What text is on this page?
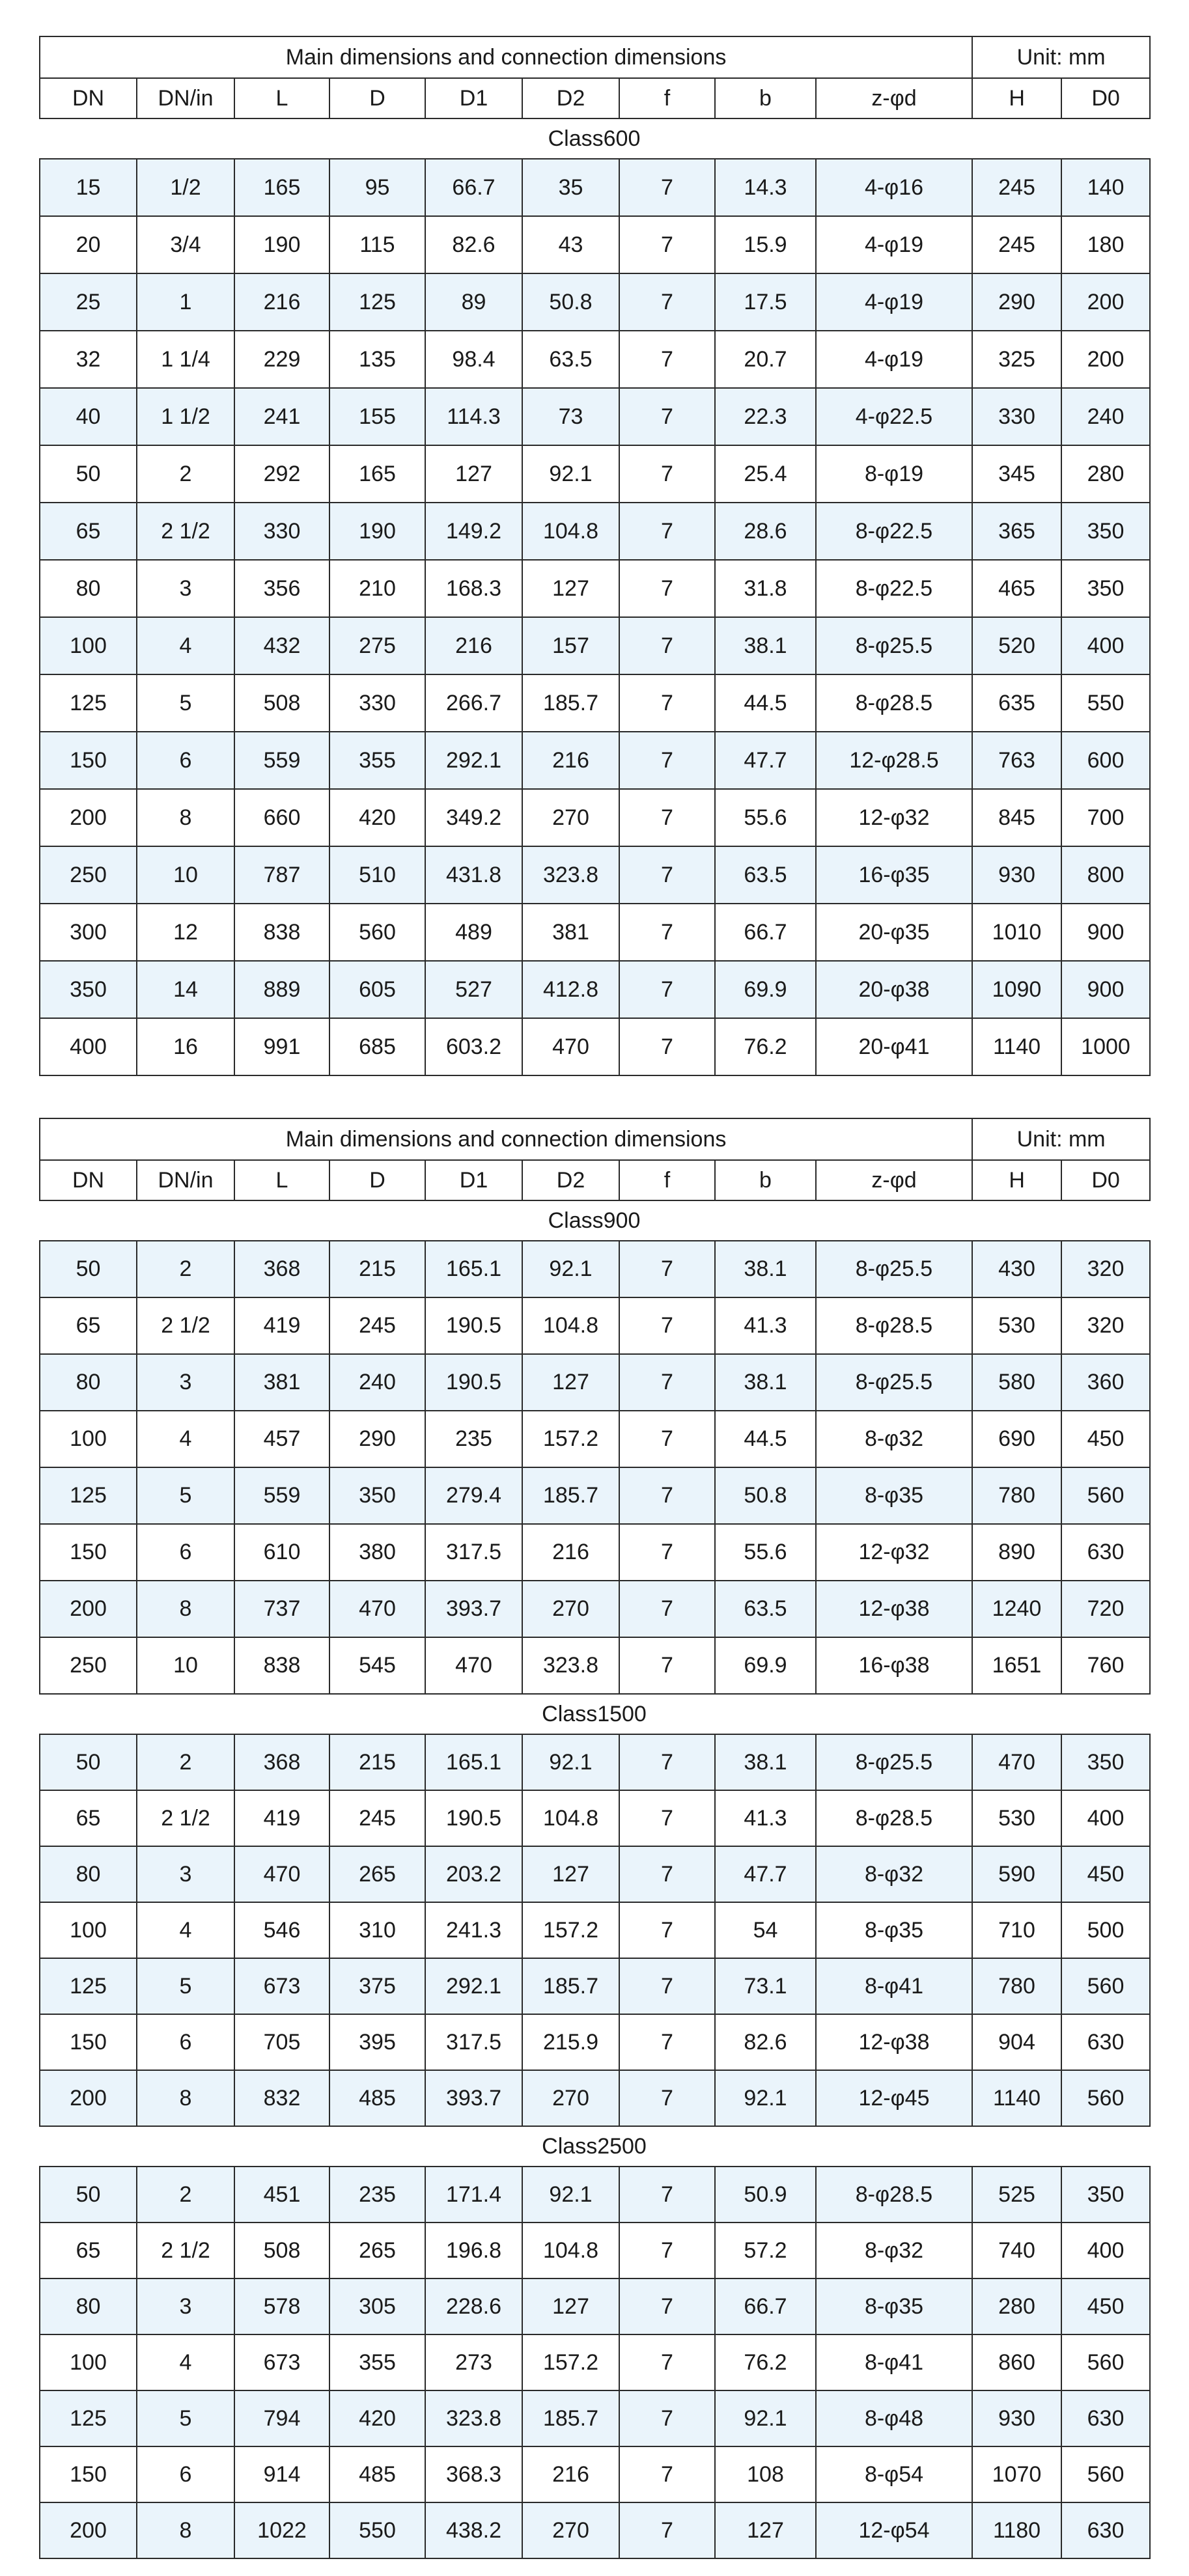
Main dimensions and connection dimensions									Unit: mm	
DN	DN/in	L	D	D1	D2	f	b	z-φd	H	D0
Class600
15	1/2	165	95	66.7	35	7	14.3	4-φ16	245	140
20	3/4	190	115	82.6	43	7	15.9	4-φ19	245	180
25	1	216	125	89	50.8	7	17.5	4-φ19	290	200
32	1 1/4	229	135	98.4	63.5	7	20.7	4-φ19	325	200
40	1 1/2	241	155	114.3	73	7	22.3	4-φ22.5	330	240
50	2	292	165	127	92.1	7	25.4	8-φ19	345	280
65	2 1/2	330	190	149.2	104.8	7	28.6	8-φ22.5	365	350
80	3	356	210	168.3	127	7	31.8	8-φ22.5	465	350
100	4	432	275	216	157	7	38.1	8-φ25.5	520	400
125	5	508	330	266.7	185.7	7	44.5	8-φ28.5	635	550
150	6	559	355	292.1	216	7	47.7	12-φ28.5	763	600
200	8	660	420	349.2	270	7	55.6	12-φ32	845	700
250	10	787	510	431.8	323.8	7	63.5	16-φ35	930	800
300	12	838	560	489	381	7	66.7	20-φ35	1010	900
350	14	889	605	527	412.8	7	69.9	20-φ38	1090	900
400	16	991	685	603.2	470	7	76.2	20-φ41	1140	1000
Main dimensions and connection dimensions									Unit: mm	
DN	DN/in	L	D	D1	D2	f	b	z-φd	H	D0
Class900
50	2	368	215	165.1	92.1	7	38.1	8-φ25.5	430	320
65	2 1/2	419	245	190.5	104.8	7	41.3	8-φ28.5	530	320
80	3	381	240	190.5	127	7	38.1	8-φ25.5	580	360
100	4	457	290	235	157.2	7	44.5	8-φ32	690	450
125	5	559	350	279.4	185.7	7	50.8	8-φ35	780	560
150	6	610	380	317.5	216	7	55.6	12-φ32	890	630
200	8	737	470	393.7	270	7	63.5	12-φ38	1240	720
250	10	838	545	470	323.8	7	69.9	16-φ38	1651	760
Class1500
50	2	368	215	165.1	92.1	7	38.1	8-φ25.5	470	350
65	2 1/2	419	245	190.5	104.8	7	41.3	8-φ28.5	530	400
80	3	470	265	203.2	127	7	47.7	8-φ32	590	450
100	4	546	310	241.3	157.2	7	54	8-φ35	710	500
125	5	673	375	292.1	185.7	7	73.1	8-φ41	780	560
150	6	705	395	317.5	215.9	7	82.6	12-φ38	904	630
200	8	832	485	393.7	270	7	92.1	12-φ45	1140	560
Class2500
50	2	451	235	171.4	92.1	7	50.9	8-φ28.5	525	350
65	2 1/2	508	265	196.8	104.8	7	57.2	8-φ32	740	400
80	3	578	305	228.6	127	7	66.7	8-φ35	280	450
100	4	673	355	273	157.2	7	76.2	8-φ41	860	560
125	5	794	420	323.8	185.7	7	92.1	8-φ48	930	630
150	6	914	485	368.3	216	7	108	8-φ54	1070	560
200	8	1022	550	438.2	270	7	127	12-φ54	1180	630
